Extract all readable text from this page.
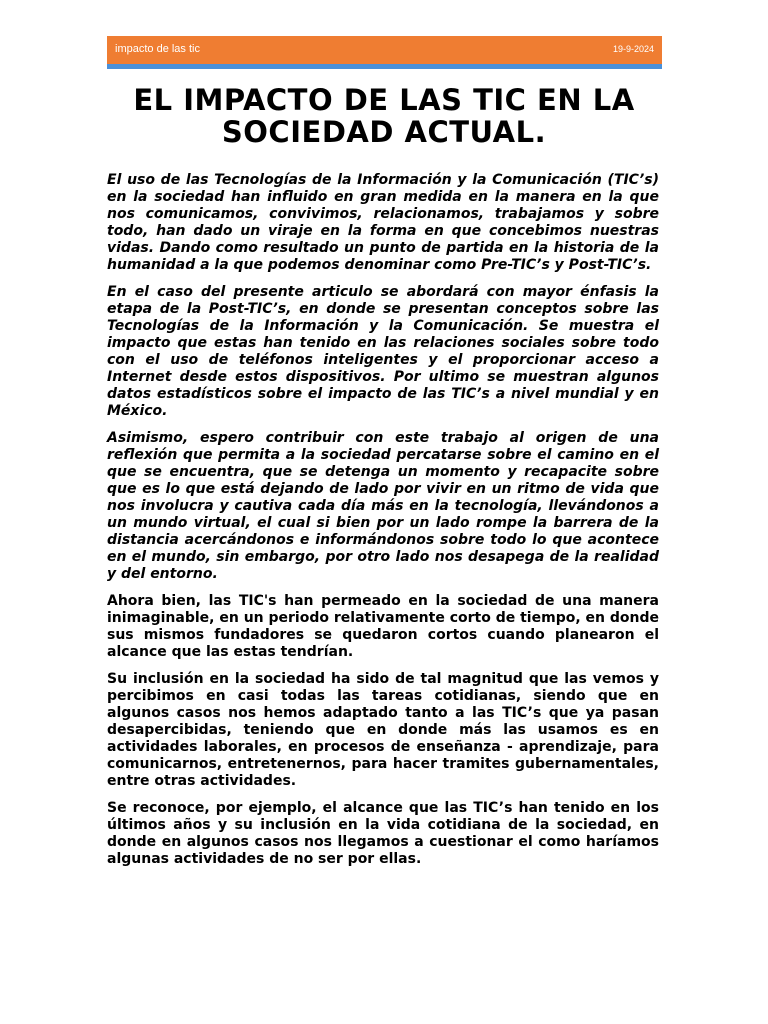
impacto de las tic	19-9-2024
EL IMPACTO DE LAS TIC EN LA SOCIEDAD ACTUAL.

El uso de las Tecnologías de la Información y la Comunicación (TIC’s) en la sociedad han influido en gran medida en la manera en la que nos comunicamos, convivimos, relacionamos, trabajamos y sobre todo, han dado un viraje en la forma en que concebimos nuestras vidas. Dando como resultado un punto de partida en la historia de la humanidad a la que podemos denominar como Pre-TIC’s y Post-TIC’s.

En el caso del presente articulo se abordará con mayor énfasis la etapa de la Post-TIC’s, en donde se presentan conceptos sobre las Tecnologías de la Información y la Comunicación. Se muestra el impacto que estas han tenido en las relaciones sociales sobre todo con el uso de teléfonos inteligentes y el proporcionar acceso a Internet desde estos dispositivos. Por ultimo se muestran algunos datos estadísticos sobre el impacto de las TIC’s a nivel mundial y en México.

Asimismo, espero contribuir con este trabajo al origen de una reflexión que permita a la sociedad percatarse sobre el camino en el que se encuentra, que se detenga un momento y recapacite sobre que es lo que está dejando de lado por vivir en un ritmo de vida que nos involucra y cautiva cada día más en la tecnología, llevándonos a un mundo virtual, el cual si bien por un lado rompe la barrera de la distancia acercándonos e informándonos sobre todo lo que acontece en el mundo, sin embargo, por otro lado nos desapega de la realidad y del entorno.

Ahora bien, las TIC's han permeado en la sociedad de una manera inimaginable, en un periodo relativamente corto de tiempo, en donde sus mismos fundadores se quedaron cortos cuando planearon el alcance que las estas tendrían.

Su inclusión en la sociedad ha sido de tal magnitud que las vemos y percibimos en casi todas las tareas cotidianas, siendo que en algunos casos nos hemos adaptado tanto a las TIC’s que ya pasan desapercibidas, teniendo que en donde más las usamos es en actividades laborales, en procesos de enseñanza - aprendizaje, para comunicarnos, entretenernos, para hacer tramites gubernamentales, entre otras actividades.

Se reconoce, por ejemplo, el alcance que las TIC’s han tenido en los últimos años y su inclusión en la vida cotidiana de la sociedad, en donde en algunos casos nos llegamos a cuestionar el como haríamos algunas actividades de no ser por ellas.
